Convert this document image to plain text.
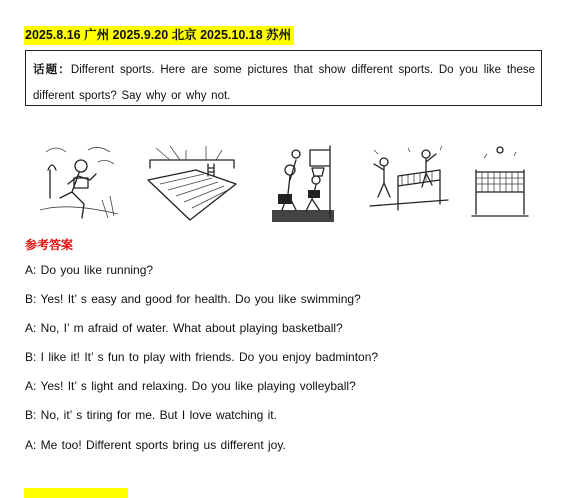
2025.8.16 广州 2025.9.20 北京 2025.10.18 苏州
话题：Different sports. Here are some pictures that show different sports. Do you like these different sports? Say why or why not.
参考答案
A: Do you like running?
B: Yes! It’ s easy and good for health. Do you like swimming?
A: No, I’ m afraid of water. What about playing basketball?
B: I like it! It’ s fun to play with friends. Do you enjoy badminton?
A: Yes! It’ s light and relaxing. Do you like playing volleyball?
B: No, it’ s tiring for me. But I love watching it.
A: Me too! Different sports bring us different joy.
